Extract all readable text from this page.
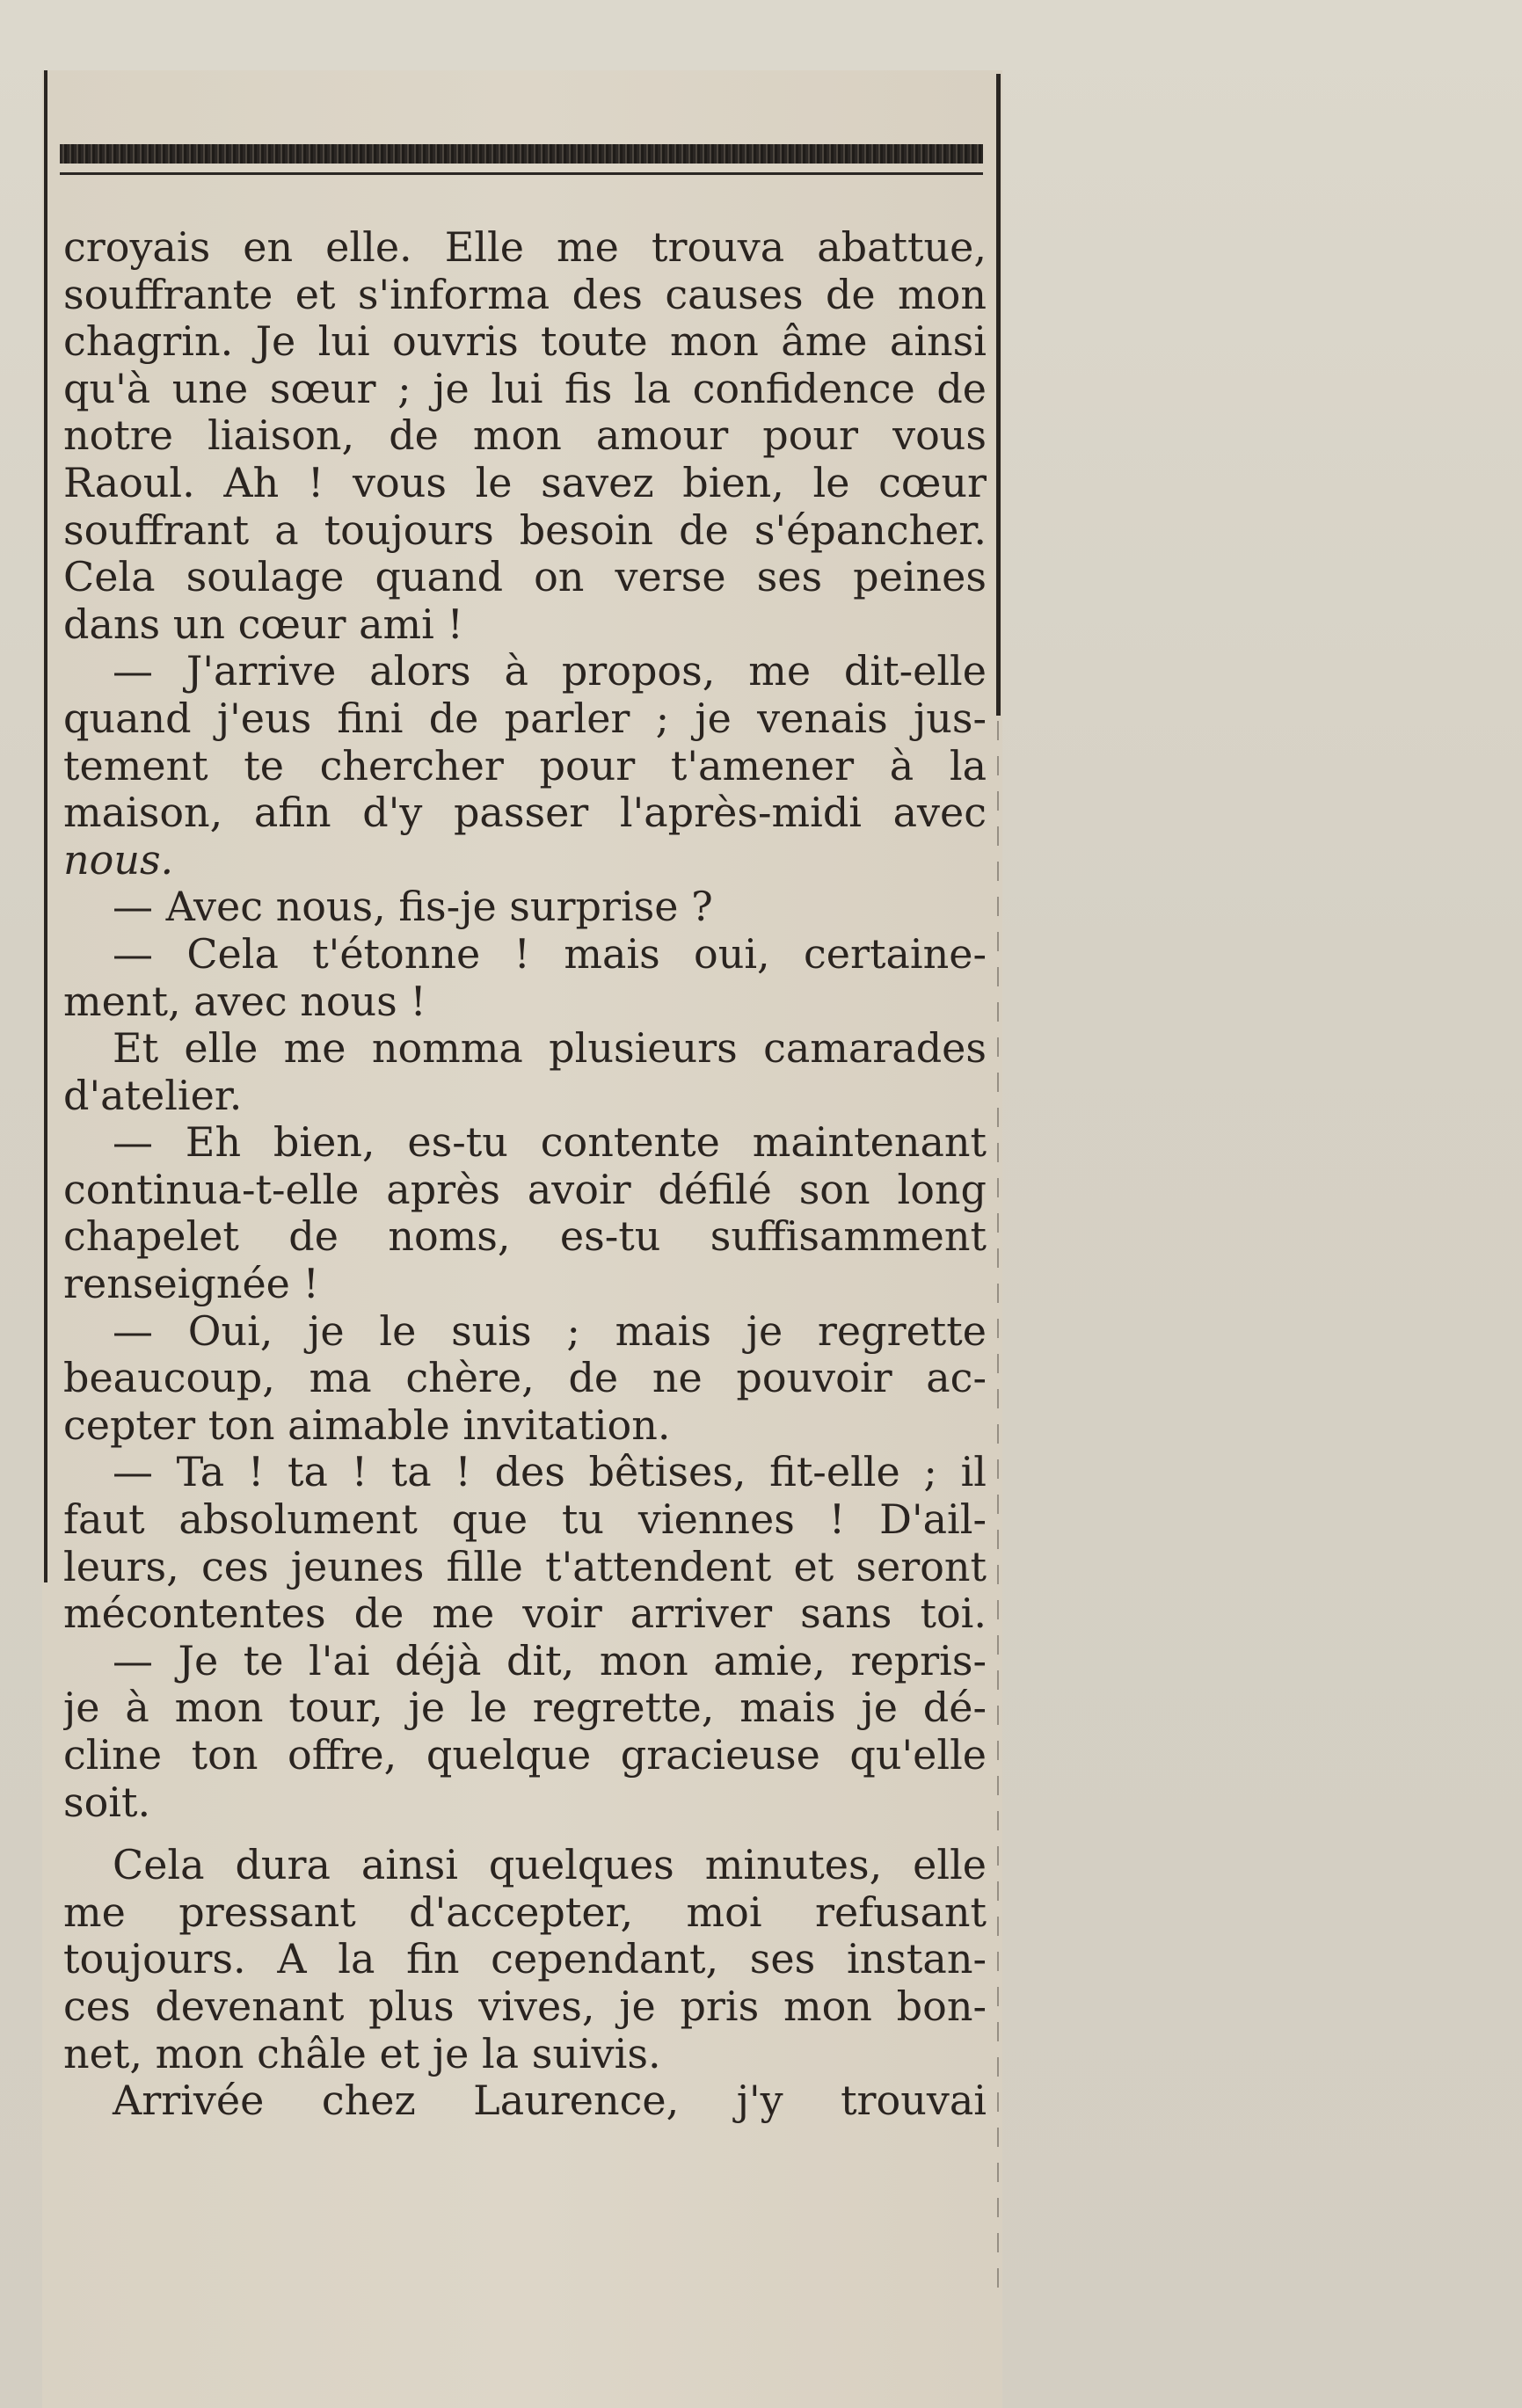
croyais en elle. Elle me trouva abattue,
souffrante et s'informa des causes de mon
chagrin. Je lui ouvris toute mon âme ainsi
qu'à une sœur ; je lui fis la confidence de
notre liaison, de mon amour pour vous
Raoul. Ah ! vous le savez bien, le cœur
souffrant a toujours besoin de s'épancher.
Cela soulage quand on verse ses peines
dans un cœur ami !
— J'arrive alors à propos, me dit-elle
quand j'eus fini de parler ; je venais jus-
tement te chercher pour t'amener à la
maison, afin d'y passer l'après-midi avec
nous.
— Avec nous, fis-je surprise ?
— Cela t'étonne ! mais oui, certaine-
ment, avec nous !
Et elle me nomma plusieurs camarades
d'atelier.
— Eh bien, es-tu contente maintenant
continua-t-elle après avoir défilé son long
chapelet de noms, es-tu suffisamment
renseignée !
— Oui, je le suis ; mais je regrette
beaucoup, ma chère, de ne pouvoir ac-
cepter ton aimable invitation.
— Ta ! ta ! ta ! des bêtises, fit-elle ; il
faut absolument que tu viennes ! D'ail-
leurs, ces jeunes fille t'attendent et seront
mécontentes de me voir arriver sans toi.
— Je te l'ai déjà dit, mon amie, repris-
je à mon tour, je le regrette, mais je dé-
cline ton offre, quelque gracieuse qu'elle
soit.
Cela dura ainsi quelques minutes, elle
me pressant d'accepter, moi refusant
toujours. A la fin cependant, ses instan-
ces devenant plus vives, je pris mon bon-
net, mon châle et je la suivis.
Arrivée chez Laurence, j'y trouvai
